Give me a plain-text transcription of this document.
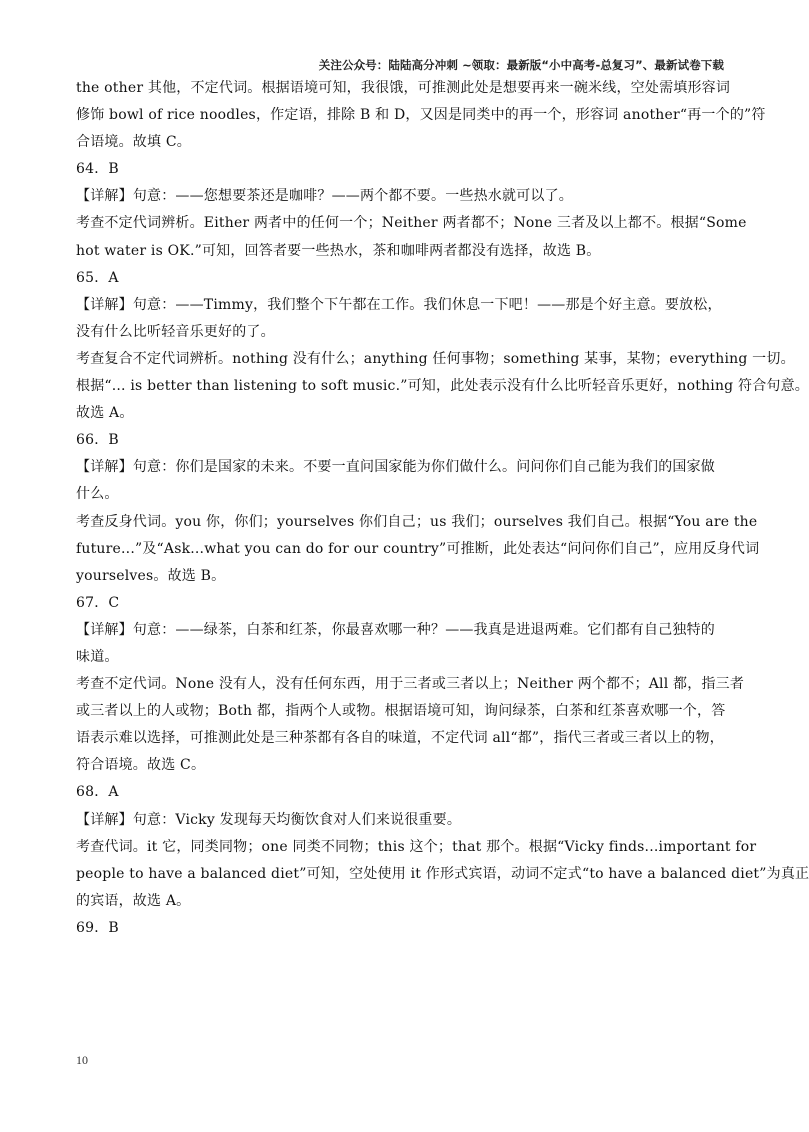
关注公众号：陆陆高分冲刺 ~领取：最新版“小中高考-总复习”、最新试卷下载
the other 其他，不定代词。根据语境可知，我很饿，可推测此处是想要再来一碗米线，空处需填形容词
修饰 bowl of rice noodles，作定语，排除 B 和 D，又因是同类中的再一个，形容词 another“再一个的”符
合语境。故填 C。
64．B
【详解】句意：——您想要茶还是咖啡？——两个都不要。一些热水就可以了。
考查不定代词辨析。Either 两者中的任何一个；Neither 两者都不；None 三者及以上都不。根据“Some
hot water is OK.”可知，回答者要一些热水，茶和咖啡两者都没有选择，故选 B。
65．A
【详解】句意：——Timmy，我们整个下午都在工作。我们休息一下吧！——那是个好主意。要放松，
没有什么比听轻音乐更好的了。
考查复合不定代词辨析。nothing 没有什么；anything 任何事物；something 某事，某物；everything 一切。
根据“... is better than listening to soft music.”可知，此处表示没有什么比听轻音乐更好，nothing 符合句意。
故选 A。
66．B
【详解】句意：你们是国家的未来。不要一直问国家能为你们做什么。问问你们自己能为我们的国家做
什么。
考查反身代词。you 你，你们；yourselves 你们自己；us 我们；ourselves 我们自己。根据“You are the
future...”及“Ask...what you can do for our country”可推断，此处表达“问问你们自己”，应用反身代词
yourselves。故选 B。
67．C
【详解】句意：——绿茶，白茶和红茶，你最喜欢哪一种？——我真是进退两难。它们都有自己独特的
味道。
考查不定代词。None 没有人，没有任何东西，用于三者或三者以上；Neither 两个都不；All 都，指三者
或三者以上的人或物；Both 都，指两个人或物。根据语境可知，询问绿茶，白茶和红茶喜欢哪一个，答
语表示难以选择，可推测此处是三种茶都有各自的味道，不定代词 all“都”，指代三者或三者以上的物，
符合语境。故选 C。
68．A
【详解】句意：Vicky 发现每天均衡饮食对人们来说很重要。
考查代词。it 它，同类同物；one 同类不同物；this 这个；that 那个。根据“Vicky finds...important for
people to have a balanced diet”可知，空处使用 it 作形式宾语，动词不定式“to have a balanced diet”为真正
的宾语，故选 A。
69．B
10
